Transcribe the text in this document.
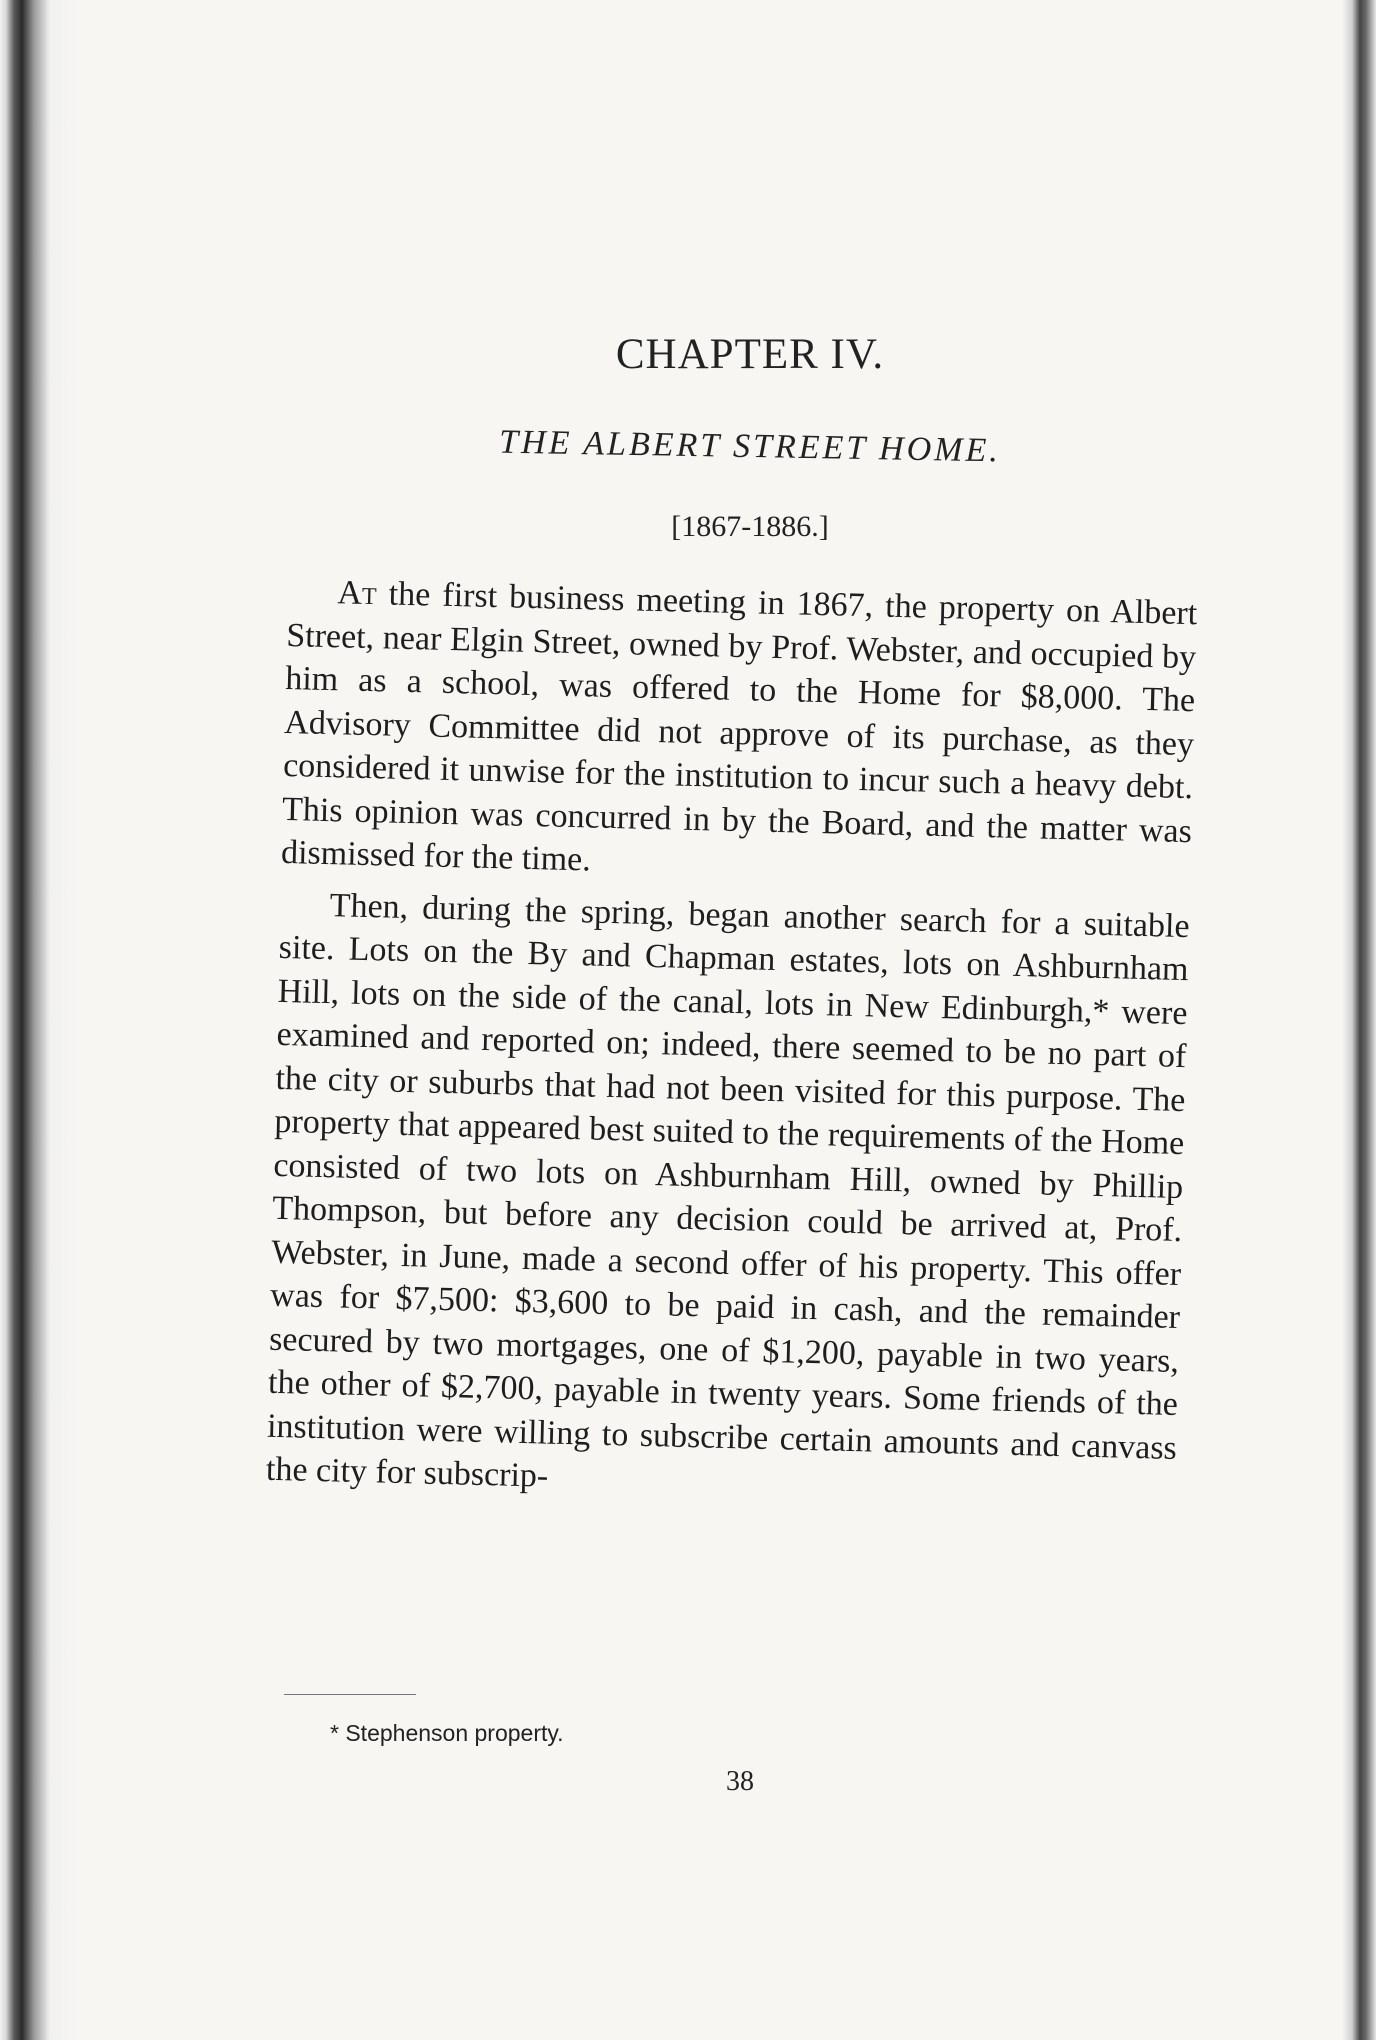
CHAPTER IV.
THE ALBERT STREET HOME.
[1867-1886.]

At the first business meeting in 1867, the property on Albert Street, near Elgin Street, owned by Prof. Webster, and occupied by him as a school, was offered to the Home for $8,000. The Advisory Committee did not approve of its purchase, as they considered it unwise for the institution to incur such a heavy debt. This opinion was concurred in by the Board, and the matter was dismissed for the time.

Then, during the spring, began another search for a suitable site. Lots on the By and Chapman estates, lots on Ashburnham Hill, lots on the side of the canal, lots in New Edinburgh,* were examined and reported on; indeed, there seemed to be no part of the city or suburbs that had not been visited for this purpose. The property that appeared best suited to the requirements of the Home consisted of two lots on Ashburnham Hill, owned by Phillip Thompson, but before any decision could be arrived at, Prof. Webster, in June, made a second offer of his property. This offer was for $7,500: $3,600 to be paid in cash, and the remainder secured by two mortgages, one of $1,200, payable in two years, the other of $2,700, payable in twenty years. Some friends of the institution were willing to subscribe certain amounts and canvass the city for subscrip-

* Stephenson property.
38
